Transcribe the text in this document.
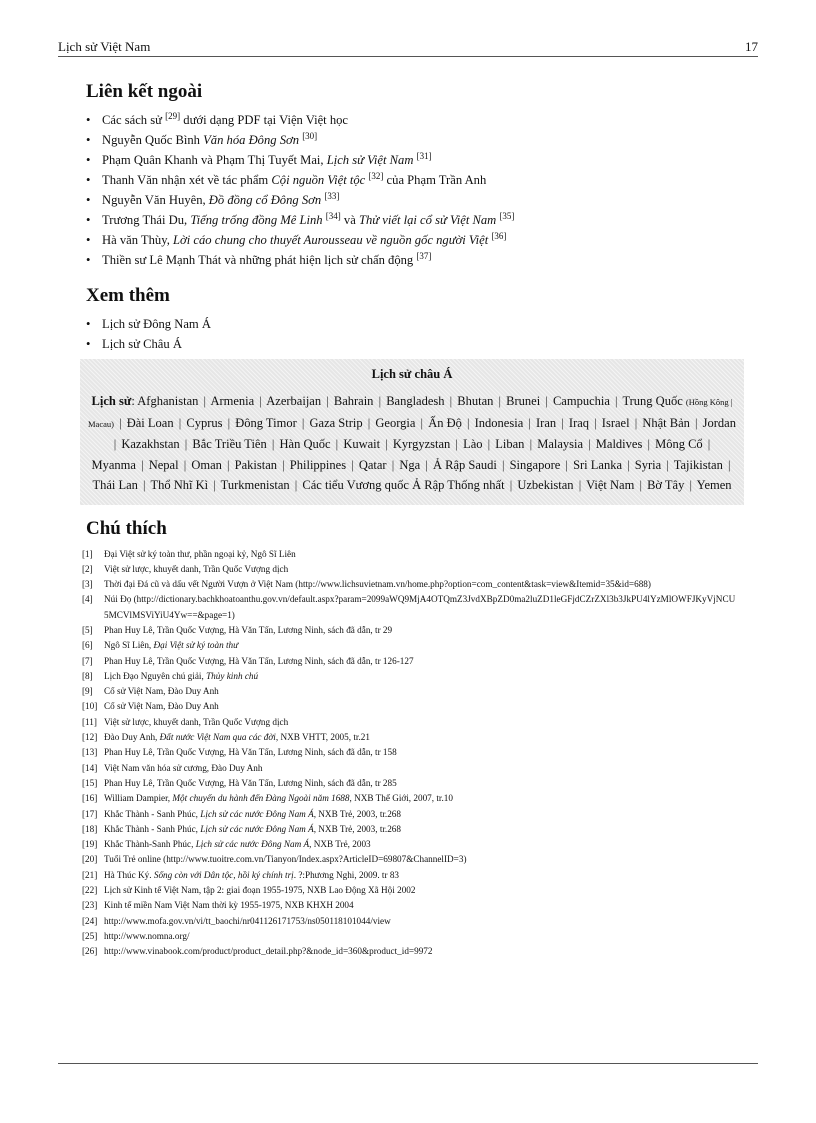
Lịch sử Việt Nam	17
Liên kết ngoài
• Các sách sử [29] dưới dạng PDF tại Viện Việt học
• Nguyễn Quốc Bình Văn hóa Đông Sơn [30]
• Phạm Quân Khanh và Phạm Thị Tuyết Mai, Lịch sử Việt Nam [31]
• Thanh Văn nhận xét về tác phẩm Cội nguồn Việt tộc [32] của Phạm Trần Anh
• Nguyễn Văn Huyên, Đồ đồng cổ Đông Sơn [33]
• Trương Thái Du, Tiếng trống đồng Mê Linh [34] và Thử viết lại cổ sử Việt Nam [35]
• Hà văn Thùy, Lời cáo chung cho thuyết Aurousseau về nguồn gốc người Việt [36]
• Thiền sư Lê Mạnh Thát và những phát hiện lịch sử chấn động [37]
Xem thêm
• Lịch sử Đông Nam Á
• Lịch sử Châu Á
Lịch sử châu Á
Lịch sử: Afghanistan | Armenia | Azerbaijan | Bahrain | Bangladesh | Bhutan | Brunei | Campuchia | Trung Quốc (Hồng Kông | Macau) | Đài Loan | Cyprus | Đông Timor | Gaza Strip | Georgia | Ấn Độ | Indonesia | Iran | Iraq | Israel | Nhật Bản | Jordan | Kazakhstan | Bắc Triều Tiên | Hàn Quốc | Kuwait | Kyrgyzstan | Lào | Liban | Malaysia | Maldives | Mông Cổ | Myanma | Nepal | Oman | Pakistan | Philippines | Qatar | Nga | Ả Rập Saudi | Singapore | Sri Lanka | Syria | Tajikistan | Thái Lan | Thổ Nhĩ Kì | Turkmenistan | Các tiểu Vương quốc Ả Rập Thống nhất | Uzbekistan | Việt Nam | Bờ Tây | Yemen
Chú thích
[1] Đại Việt sử ký toàn thư, phần ngoại kỷ, Ngô Sĩ Liên
[2] Việt sử lược, khuyết danh, Trần Quốc Vượng dịch
[3] Thời đại Đá cũ và dấu vết Người Vượn ở Việt Nam (http://www.lichsuvietnam.vn/home.php?option=com_content&task=view&Itemid=35&id=688)
[4] Núi Đọ (http://dictionary.bachkhoatoanthu.gov.vn/default.aspx?param=2099aWQ9MjA4OTQmZ3JvdXBpZD0ma2luZD1leGFjdCZrZXl3b3JkPU4lYzMlOWFJKyVjNCU5MCVlMSViYiU4Yw==&page=1)
[5] Phan Huy Lê, Trần Quốc Vượng, Hà Văn Tấn, Lương Ninh, sách đã dẫn, tr 29
[6] Ngô Sĩ Liên, Đại Việt sử ký toàn thư
[7] Phan Huy Lê, Trần Quốc Vượng, Hà Văn Tấn, Lương Ninh, sách đã dẫn, tr 126-127
[8] Lịch Đạo Nguyên chú giải, Thủy kinh chú
[9] Cổ sử Việt Nam, Đào Duy Anh
[10] Cổ sử Việt Nam, Đào Duy Anh
[11] Việt sử lược, khuyết danh, Trần Quốc Vượng dịch
[12] Đào Duy Anh, Đất nước Việt Nam qua các đời, NXB VHTT, 2005, tr.21
[13] Phan Huy Lê, Trần Quốc Vượng, Hà Văn Tấn, Lương Ninh, sách đã dẫn, tr 158
[14] Việt Nam văn hóa sử cương, Đào Duy Anh
[15] Phan Huy Lê, Trần Quốc Vượng, Hà Văn Tấn, Lương Ninh, sách đã dẫn, tr 285
[16] William Dampier, Một chuyến du hành đến Đàng Ngoài năm 1688, NXB Thế Giới, 2007, tr.10
[17] Khắc Thành - Sanh Phúc, Lịch sử các nước Đông Nam Á, NXB Trẻ, 2003, tr.268
[18] Khắc Thành - Sanh Phúc, Lịch sử các nước Đông Nam Á, NXB Trẻ, 2003, tr.268
[19] Khắc Thành-Sanh Phúc, Lịch sử các nước Đông Nam Á, NXB Trẻ, 2003
[20] Tuổi Trẻ online (http://www.tuoitre.com.vn/Tianyon/Index.aspx?ArticleID=69807&ChannelID=3)
[21] Hà Thúc Ký. Sống còn với Dân tộc, hồi ký chính trị. ?:Phương Nghi, 2009. tr 83
[22] Lịch sử Kinh tế Việt Nam, tập 2: giai đoạn 1955-1975, NXB Lao Động Xã Hội 2002
[23] Kinh tế miền Nam Việt Nam thời kỳ 1955-1975, NXB KHXH 2004
[24] http://www.mofa.gov.vn/vi/tt_baochi/nr041126171753/ns050118101044/view
[25] http://www.nomna.org/
[26] http://www.vinabook.com/product/product_detail.php?&node_id=360&product_id=9972
